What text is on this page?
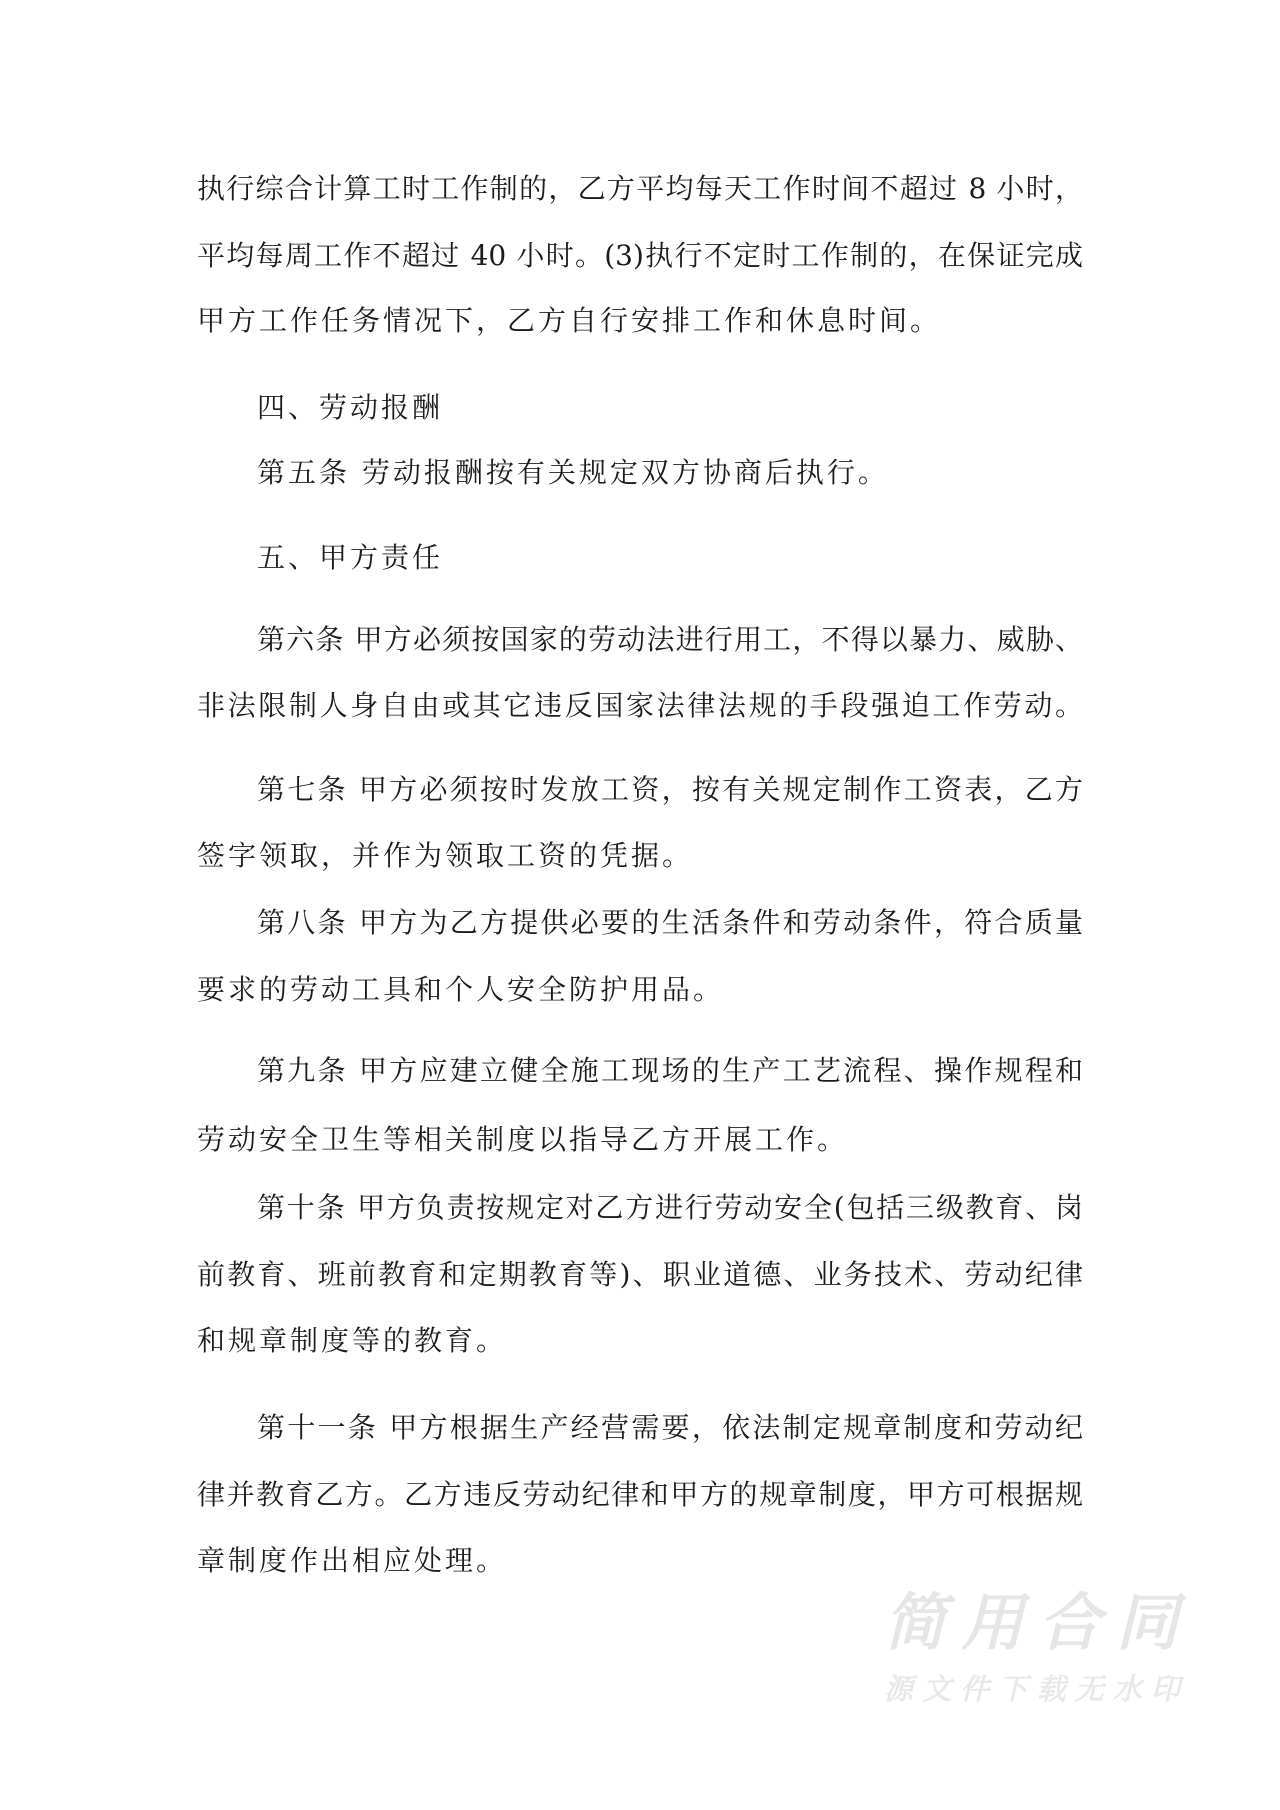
执行综合计算工时工作制的，乙方平均每天工作时间不超过 8 小时，
平均每周工作不超过 40 小时。(3)执行不定时工作制的，在保证完成
甲方工作任务情况下，乙方自行安排工作和休息时间。
四、劳动报酬
第五条 劳动报酬按有关规定双方协商后执行。
五、甲方责任
第六条 甲方必须按国家的劳动法进行用工，不得以暴力、威胁、
非法限制人身自由或其它违反国家法律法规的手段强迫工作劳动。
第七条 甲方必须按时发放工资，按有关规定制作工资表，乙方
签字领取，并作为领取工资的凭据。
第八条 甲方为乙方提供必要的生活条件和劳动条件，符合质量
要求的劳动工具和个人安全防护用品。
第九条 甲方应建立健全施工现场的生产工艺流程、操作规程和
劳动安全卫生等相关制度以指导乙方开展工作。
第十条 甲方负责按规定对乙方进行劳动安全(包括三级教育、岗
前教育、班前教育和定期教育等)、职业道德、业务技术、劳动纪律
和规章制度等的教育。
第十一条 甲方根据生产经营需要，依法制定规章制度和劳动纪
律并教育乙方。乙方违反劳动纪律和甲方的规章制度，甲方可根据规
章制度作出相应处理。
简用合同
源文件下载无水印
